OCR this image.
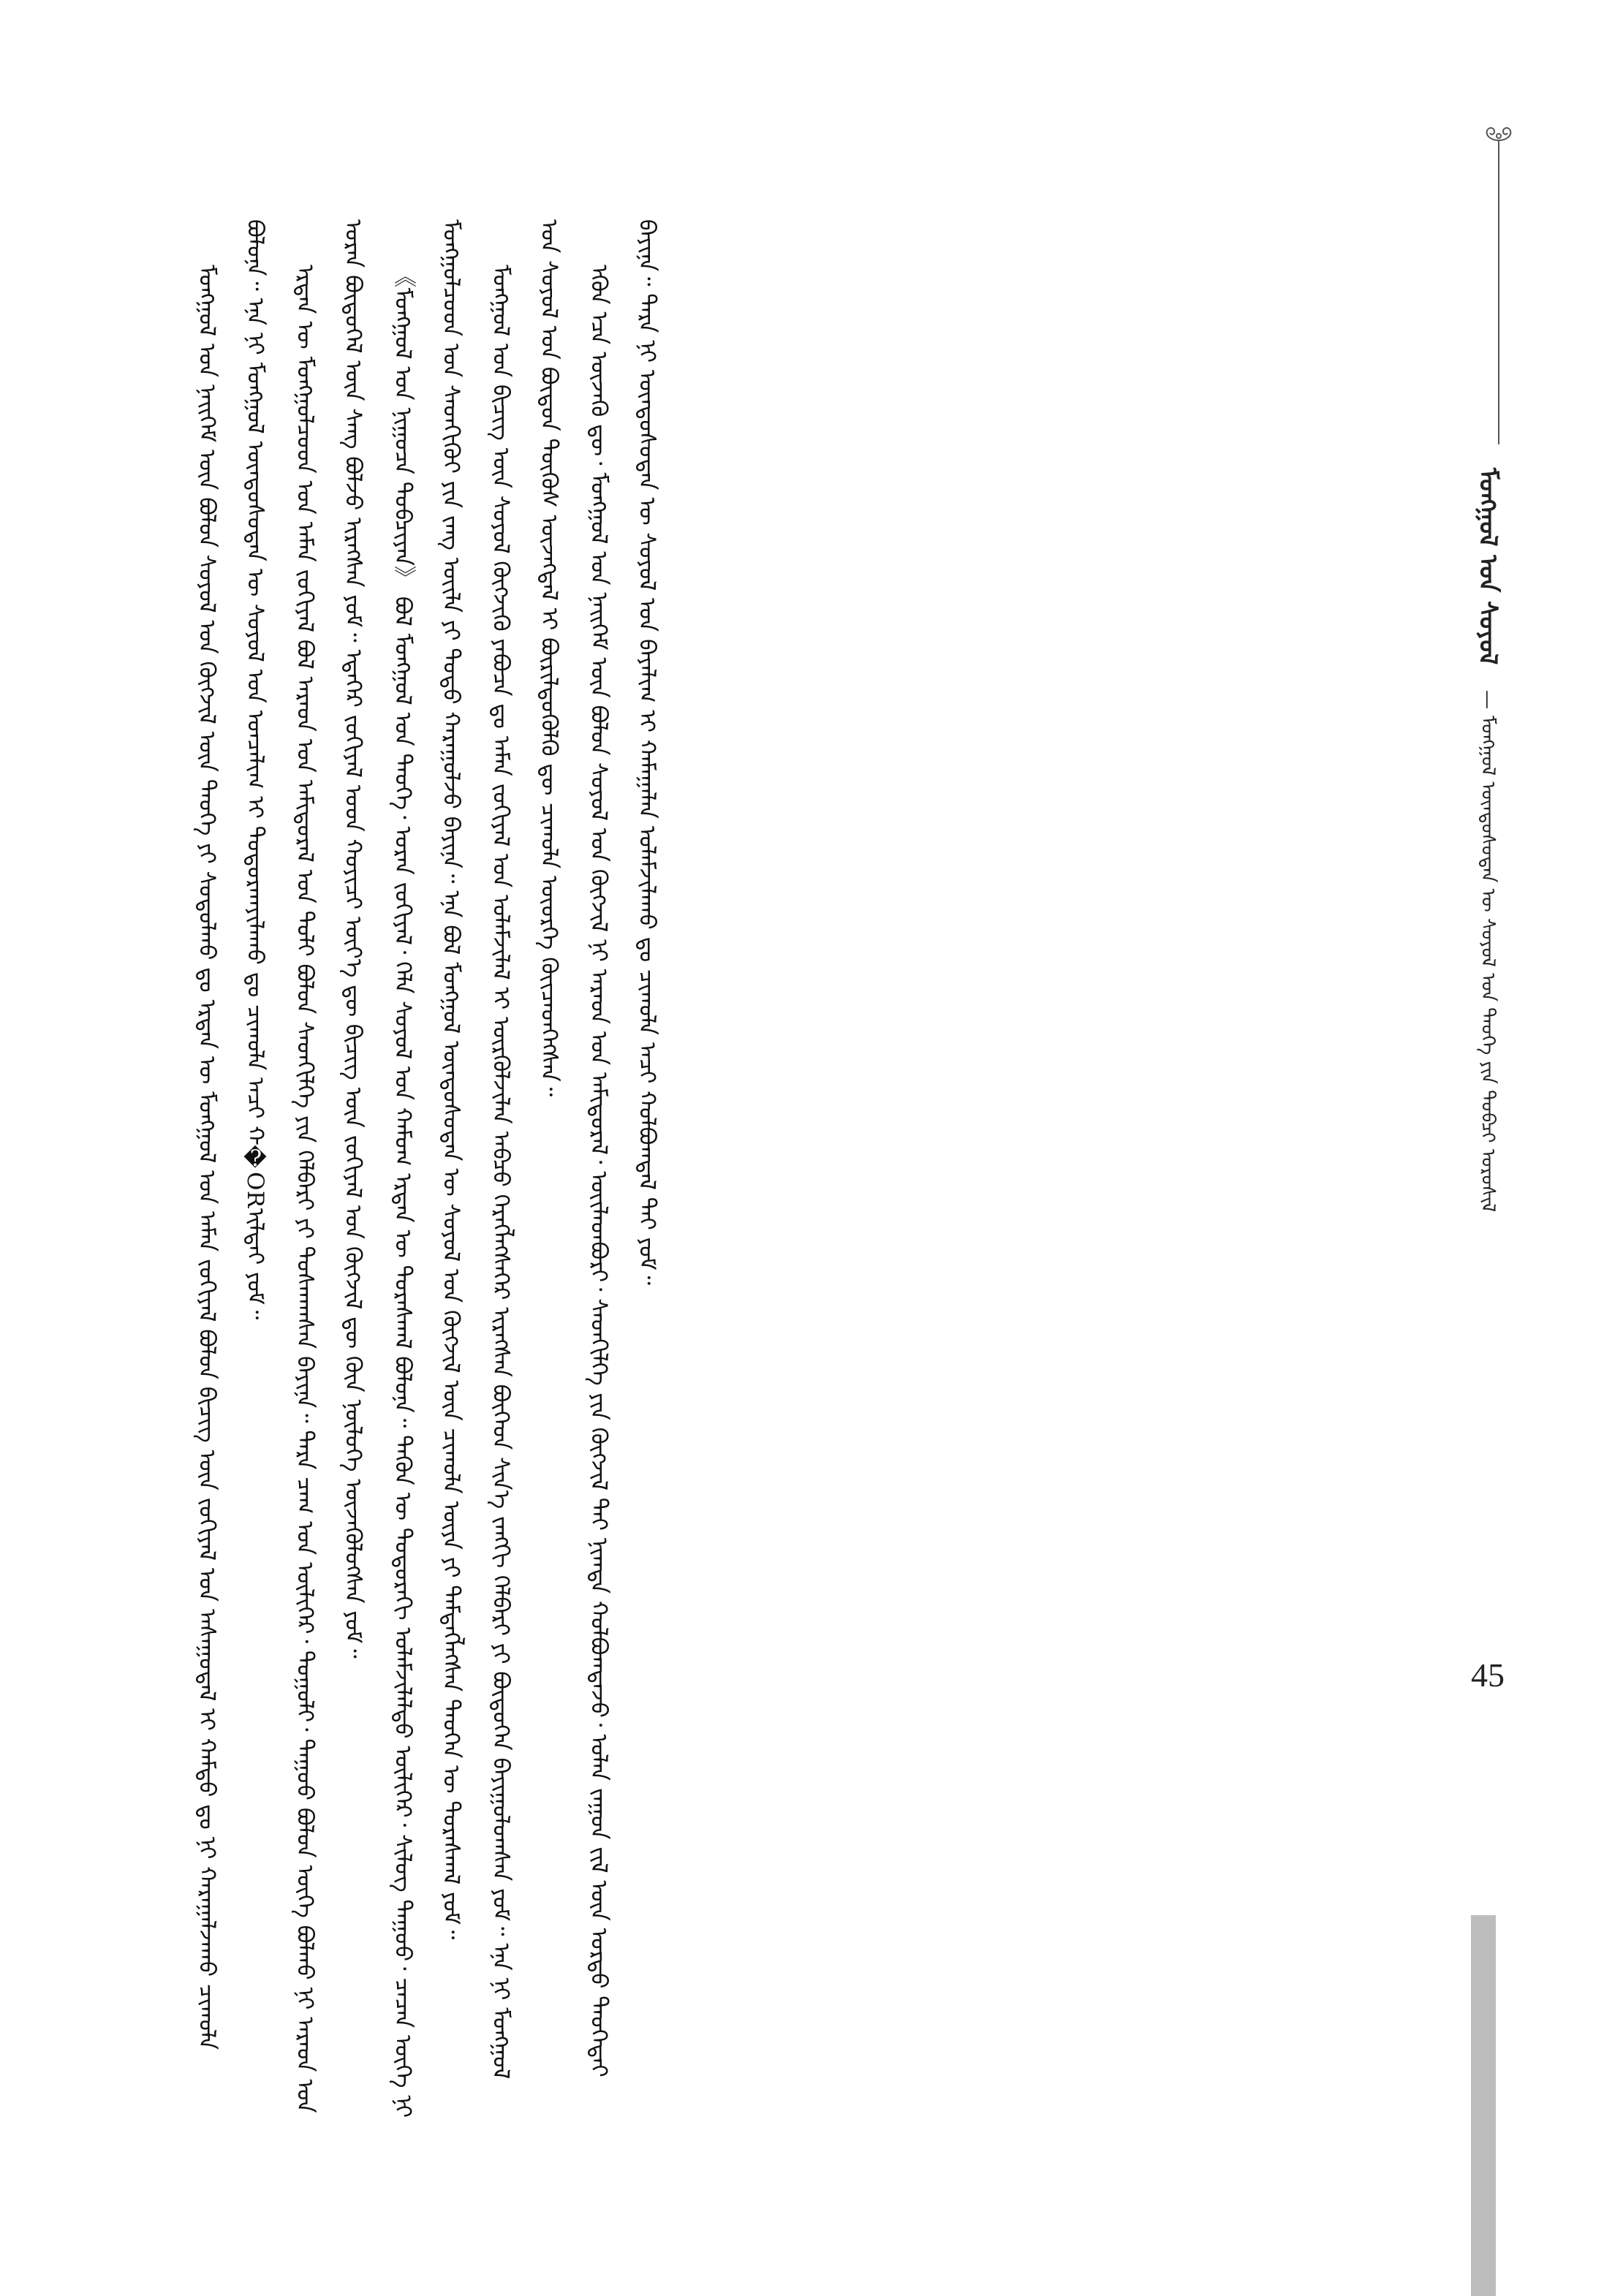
ᠮᠣᠩᠭᠣᠯ ᠤᠨ ᠰᠣᠶᠣᠯ — ᠮᠣᠩᠭᠣᠯ ᠦᠨᠳᠦᠰᠦᠲᠡᠨ ᠦ ᠰᠣᠶᠣᠯ ᠤᠨ ᠲᠡᠦᠬᠡ ᠶᠢᠨ ᠲᠣᠪᠴᠢ ᠣᠷᠣᠰᠢᠯ

ᠮᠣᠩᠭᠣᠯ ᠤᠨ ᠨᠡᠢᠭᠡᠮ ᠦᠨ ᠪᠣᠯᠣᠨ ᠰᠣᠶᠣᠯ ᠤᠨ ᠬᠥᠭᠵᠢᠯ ᠦᠨ ᠲᠡᠦᠬᠡ ᠶᠢ ᠰᠤᠳᠤᠯᠬᠤ ᠳᠤ ᠡᠷᠲᠡᠨ ᠦ ᠮᠣᠩᠭᠣᠯ ᠤᠨ ᠠᠮᠠᠨ ᠵᠣᠬᠢᠶᠠᠯ ᠪᠣᠯᠣᠨ ᠪᠢᠴᠢᠭ᠌ ᠦᠨ ᠵᠣᠬᠢᠶᠠᠯ ᠤᠨ ᠠᠰᠠᠭᠤᠳᠠᠯ ᠢ ᠬᠠᠮᠲᠤ ᠳᠤ ᠨᠢ ᠬᠠᠷᠠᠭᠠᠯᠵᠠᠬᠤ ᠴᠢᠬᠤᠯᠠ ᠪᠣᠯᠤᠨᠠ᠃ ᠡᠨᠡ ᠨᠢ ᠮᠣᠩᠭᠣᠯ ᠦᠨᠳᠦᠰᠦᠲᠡᠨ ᠦ ᠰᠣᠶᠣᠯ ᠤᠨ ᠣᠨᠴᠠᠯᠢᠭ ᠢ ᠲᠣᠳᠣᠷᠬᠠᠶᠢᠯᠠᠬᠤ ᠳᠤ ᠴᠢᠬᠤᠯᠠ ᠠᠴᠢ ᠬ�ORᠢᠯᠲᠠᠶ ᠶᠤᠮ᠃	ᠡᠷᠲᠡᠨ ᠦ ᠮᠣᠩᠭᠣᠯᠴᠤᠳ ᠤᠨ ᠠᠮᠠᠨ ᠵᠣᠬᠢᠶᠠᠯ ᠪᠣᠯ ᠠᠷᠠᠳ ᠤᠨ ᠠᠮᠢᠳᠤᠷᠠᠯ ᠤᠨ ᠲᠤᠯᠢ ᠪᠣᠯᠣᠨ ᠰᠡᠳᠬᠢᠯᠭᠡ ᠶᠢᠨ ᠬᠡᠯᠪᠡᠷᠢ ᠶᠢ ᠲᠤᠰᠬᠠᠭᠰᠠᠨ ᠪᠠᠶᠢᠨᠠ᠃ ᠲᠡᠷᠡ ᠴᠠᠭ ᠤᠨ ᠦᠯᠢᠭᠡᠷ᠂ ᠲᠣᠭᠤᠯᠢ᠂ ᠳᠠᠭᠤᠤ ᠪᠣᠯᠣᠨ ᠦᠭᠡ ᠪᠣᠯᠬᠤ ᠨᠢ ᠠᠷᠠᠳ ᠤᠨ ᠤᠷᠠᠨ ᠪᠦᠲᠦᠭᠡᠯ ᠦᠨ ᠰᠠᠩ ᠪᠣᠯᠵᠤ ᠢᠷᠡᠭᠰᠡᠨ ᠶᠤᠮ᠃ ᠡᠳᠡᠭᠡᠷ ᠵᠣᠬᠢᠶᠠᠯ ᠤᠳ ᠬᠣᠶᠢᠴᠢ ᠦᠶ᠎ᠡ ᠳᠦ ᠪᠢᠴᠢᠭ᠌ ᠦᠨ ᠵᠣᠬᠢᠶᠠᠯ ᠤᠨ ᠬᠥᠭᠵᠢᠯ ᠳᠦ ᠭᠦᠨ ᠨᠥᠯᠦᠭᠡ ᠦᠵᠡᠭᠦᠯᠦᠭᠰᠡᠨ ᠶᠤᠮ᠃	《ᠮᠣᠩᠭᠣᠯ ᠤᠨ ᠨᠢᠭᠤᠴᠠ ᠲᠣᠪᠴᠢᠶᠠᠨ》 ᠪᠣᠯ ᠮᠣᠩᠭᠣᠯ ᠤᠨ ᠲᠡᠦᠬᠡ᠂ ᠤᠷᠠᠨ ᠵᠣᠬᠢᠶᠠᠯ᠂ ᠬᠡᠯᠡ ᠰᠣᠶᠣᠯ ᠤᠨ ᠬᠠᠮᠤᠭ ᠡᠷᠲᠡᠨ ᠦ ᠳᠤᠷᠠᠰᠬᠠᠯ ᠪᠣᠯᠤᠨᠠ᠃ ᠲᠡᠭᠦᠨ ᠦ ᠳᠣᠲᠣᠷᠠᠬᠢ ᠤᠯᠠᠮᠵᠢᠯᠠᠯᠲᠤ ᠦᠯᠢᠭᠡᠷ᠂ ᠰᠢᠯᠦᠭ᠌ ᠳᠠᠭᠤᠤ᠂ ᠴᠡᠴᠡᠨ ᠦᠭᠡ ᠨᠢ ᠮᠣᠩᠭᠣᠯᠴᠤᠳ ᠤᠨ ᠰᠡᠳᠬᠢᠬᠦᠢ ᠶᠢᠨ ᠵᠠᠩ ᠦᠢᠯᠡ ᠶᠢ ᠲᠣᠳᠣ ᠬᠠᠷᠠᠭᠤᠯᠵᠤ ᠪᠠᠶᠢᠨᠠ᠃ ᠡᠨᠡ ᠪᠣᠯ ᠮᠣᠩᠭᠣᠯ ᠦᠨᠳᠦᠰᠦᠲᠡᠨ ᠦ ᠰᠣᠶᠣᠯ ᠤᠨ ᠬᠥᠭᠵᠢᠯ ᠦᠨ ᠴᠢᠬᠤᠯᠠ ᠦᠶᠡ ᠶᠢ ᠲᠡᠮᠳᠡᠭᠯᠡᠭᠰᠡᠨ ᠲᠡᠦᠬᠡᠨ ᠦ ᠳᠤᠷᠠᠰᠬᠠᠯ ᠶᠤᠮ᠃	ᠮᠣᠩᠭᠣᠯ ᠤᠨ ᠪᠢᠴᠢᠭ᠌ ᠦᠨ ᠰᠣᠶᠣᠯ ᠬᠥᠭᠵᠢᠬᠦ ᠶᠠᠪᠤᠴᠠ ᠳᠤ ᠠᠮᠠᠨ ᠵᠣᠬᠢᠶᠠᠯ ᠤᠨ ᠤᠯᠠᠮᠵᠢᠯᠠᠯ ᠢ ᠦᠷᠭᠦᠯᠵᠢᠯᠡᠨ ᠠᠪᠴᠤ ᠬᠡᠷᠡᠭᠯᠡᠭᠰᠡᠭᠡᠷ ᠢᠷᠡᠭᠰᠡᠨ ᠪᠥᠭᠡᠳ ᠰᠢᠨ᠎ᠡ ᠵᠠᠩᠭᠢ ᠬᠡᠯᠪᠡᠷᠢ ᠶᠢ ᠪᠦᠲᠦᠭᠡᠨ ᠪᠠᠶᠢᠭᠤᠯᠤᠭᠰᠠᠨ ᠶᠤᠮ᠃ ᠡᠨᠡ ᠨᠢ ᠮᠣᠩᠭᠣᠯ ᠤᠨ ᠰᠣᠶᠣᠯ ᠤᠨ ᠪᠦᠲᠦᠨ ᠲᠦᠭᠦᠰ ᠦᠵᠡᠭᠳᠡᠯ ᠢ ᠪᠦᠷᠢᠯᠳᠦᠭᠦᠯᠬᠦ ᠳᠦ ᠴᠢᠬᠤᠯᠠ ᠦᠦᠷᠭᠡ ᠭᠦᠢᠴᠡᠳᠭᠡᠭᠰᠡᠨ᠃	ᠡᠭᠦᠨ ᠡᠴᠡ ᠦᠵᠡᠬᠦ ᠳᠦ᠂ ᠮᠣᠩᠭᠣᠯ ᠤᠨ ᠨᠡᠢᠭᠡᠮ ᠦᠨ ᠪᠣᠯᠣᠨ ᠰᠣᠶᠣᠯ ᠤᠨ ᠬᠥᠭᠵᠢᠯ ᠨᠢ ᠠᠷᠠᠳ ᠤᠨ ᠠᠮᠢᠳᠤᠷᠠᠯ᠂ ᠦᠢᠯᠡᠳᠪᠦᠷᠢ᠂ ᠰᠡᠳᠬᠢᠯᠭᠡ ᠶᠢᠨ ᠬᠥᠭᠵᠢᠯ ᠲᠡᠢ ᠨᠢᠭᠲᠠ ᠬᠣᠯᠪᠣᠭᠳᠠᠵᠤ᠂ ᠣᠯᠠᠨ ᠵᠠᠭᠤᠨ ᠵᠢᠯ ᠦᠨ ᠤᠷᠲᠤ ᠲᠡᠦᠬᠡᠲᠡᠢ ᠪᠠᠶᠢᠨᠠ᠃ ᠲᠡᠷᠡ ᠨᠢ ᠦᠨᠳᠦᠰᠦᠲᠡᠨ ᠦ ᠰᠣᠶᠣᠯ ᠤᠨ ᠪᠠᠶᠠᠯᠢᠭ ᠢ ᠬᠠᠮᠠᠭᠠᠯᠠᠨ ᠤᠯᠠᠮᠵᠢᠯᠠᠬᠤ ᠳᠤ ᠴᠢᠬᠤᠯᠠ ᠠᠴᠢ ᠬᠣᠯᠪᠣᠭᠳᠠᠯ ᠲᠠᠢ ᠶᠤᠮ᠃

45
